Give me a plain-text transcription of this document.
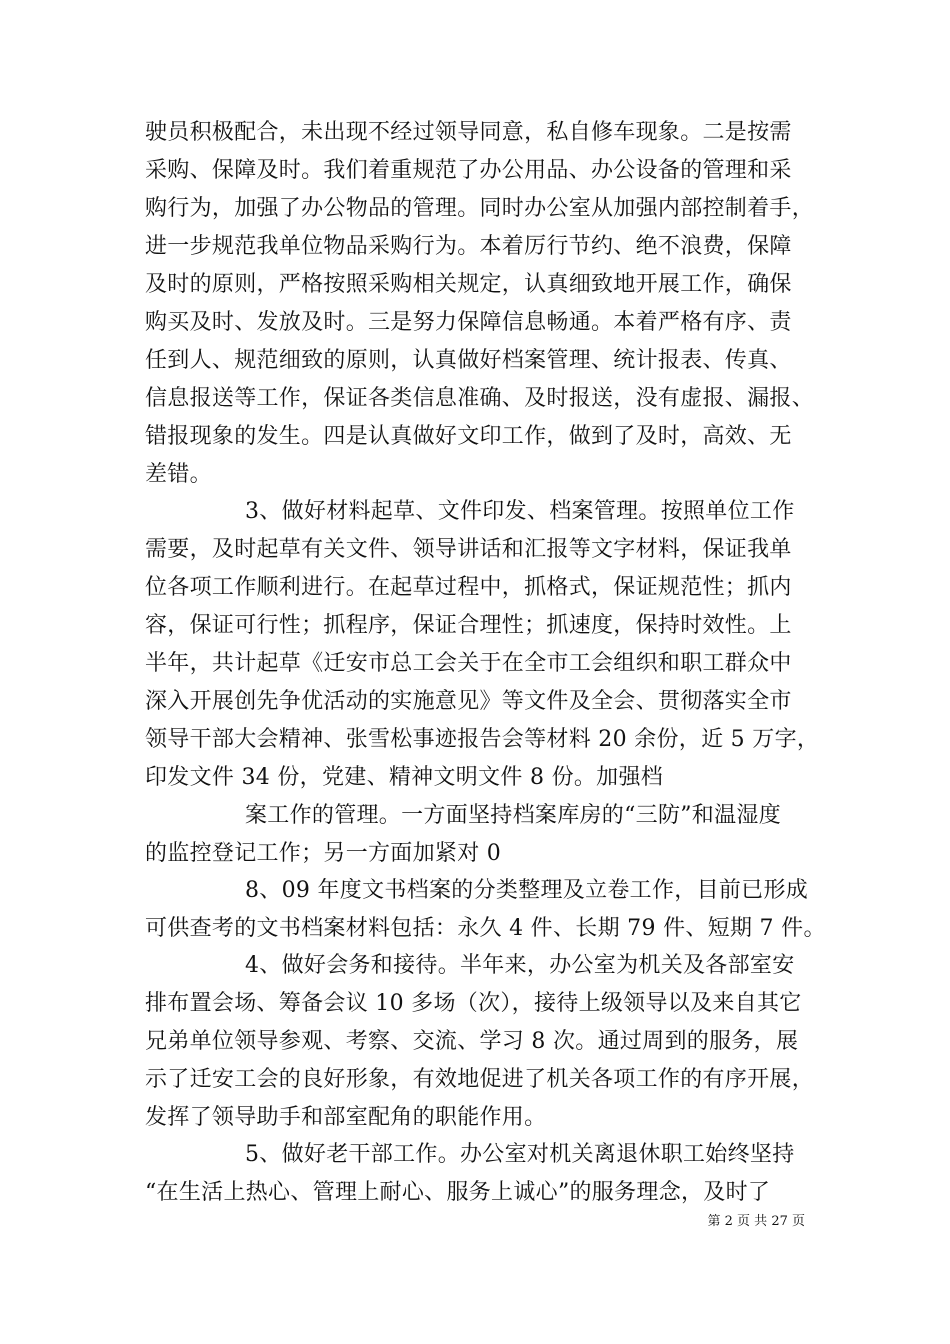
驶员积极配合，未出现不经过领导同意，私自修车现象。二是按需
采购、保障及时。我们着重规范了办公用品、办公设备的管理和采
购行为，加强了办公物品的管理。同时办公室从加强内部控制着手，
进一步规范我单位物品采购行为。本着厉行节约、绝不浪费，保障
及时的原则，严格按照采购相关规定，认真细致地开展工作，确保
购买及时、发放及时。三是努力保障信息畅通。本着严格有序、责
任到人、规范细致的原则，认真做好档案管理、统计报表、传真、
信息报送等工作，保证各类信息准确、及时报送，没有虚报、漏报、
错报现象的发生。四是认真做好文印工作，做到了及时，高效、无
差错。
3、做好材料起草、文件印发、档案管理。按照单位工作
需要，及时起草有关文件、领导讲话和汇报等文字材料，保证我单
位各项工作顺利进行。在起草过程中，抓格式，保证规范性；抓内
容，保证可行性；抓程序，保证合理性；抓速度，保持时效性。上
半年，共计起草《迁安市总工会关于在全市工会组织和职工群众中
深入开展创先争优活动的实施意见》等文件及全会、贯彻落实全市
领导干部大会精神、张雪松事迹报告会等材料 20 余份，近 5 万字，
印发文件 34 份，党建、精神文明文件 8 份。加强档
案工作的管理。一方面坚持档案库房的“三防”和温湿度
的监控登记工作；另一方面加紧对 0
8、09 年度文书档案的分类整理及立卷工作，目前已形成
可供查考的文书档案材料包括：永久 4 件、长期 79 件、短期 7 件。
4、做好会务和接待。半年来，办公室为机关及各部室安
排布置会场、筹备会议 10 多场（次），接待上级领导以及来自其它
兄弟单位领导参观、考察、交流、学习 8 次。通过周到的服务，展
示了迁安工会的良好形象，有效地促进了机关各项工作的有序开展，
发挥了领导助手和部室配角的职能作用。
5、做好老干部工作。办公室对机关离退休职工始终坚持
“在生活上热心、管理上耐心、服务上诚心”的服务理念，及时了
第 2 页 共 27 页
